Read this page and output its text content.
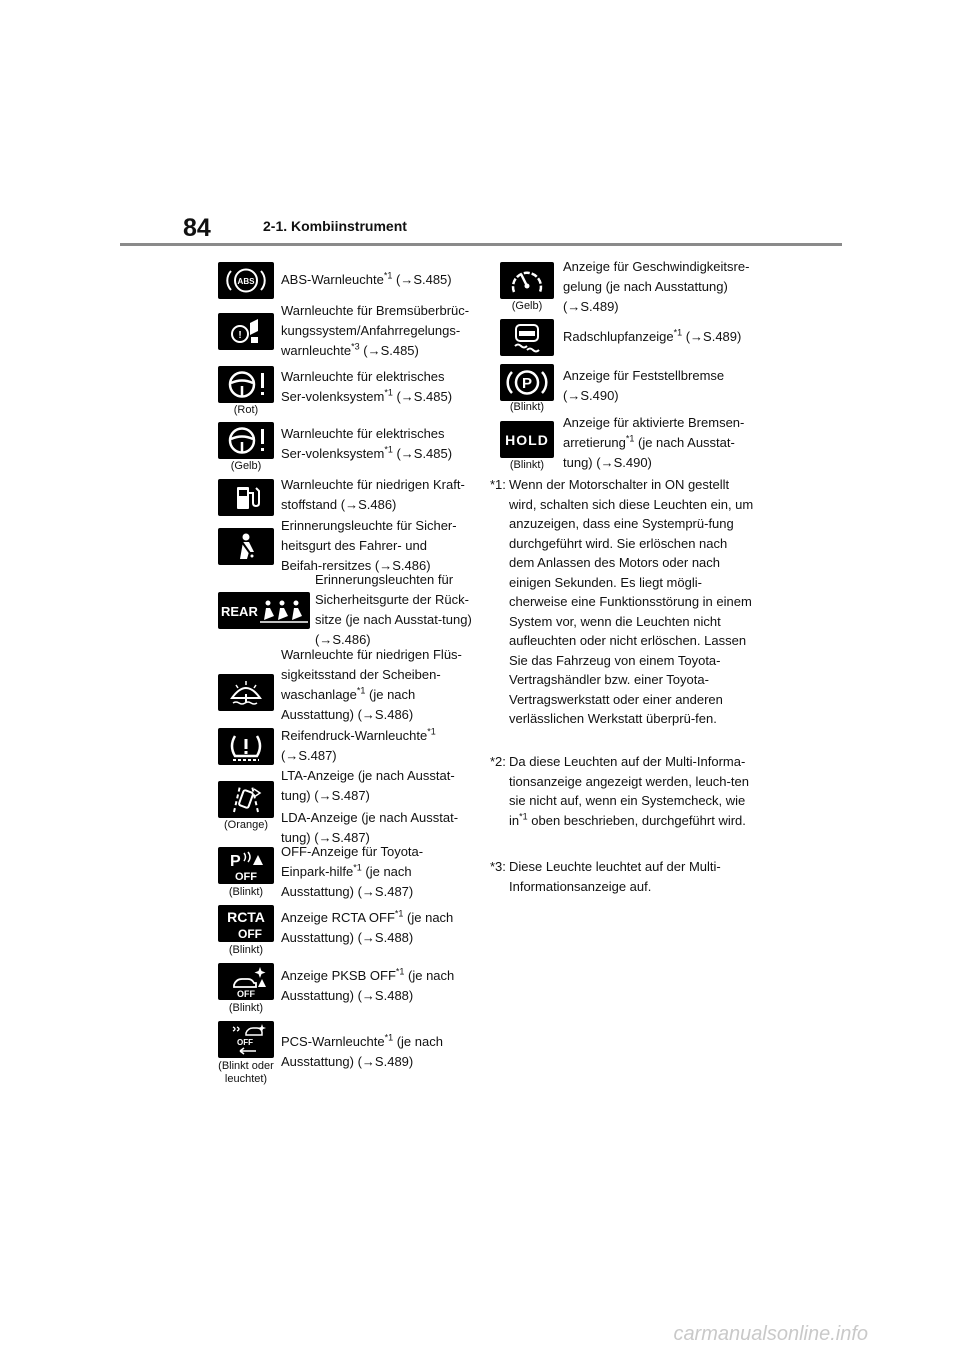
84	2-1. Kombiinstrument
ABS ABS-Warnleuchte$^{*1}$ (→S.485)
!
Warnleuchte für Bremsüberbrüc-kungssystem/Anfahrregelungs-warnleuchte$^{*3}$ (→S.485)
(Rot)
Warnleuchte für elektrisches Ser-volenksystem$^{*1}$ (→S.485)
(Gelb)
Warnleuchte für elektrisches Ser-volenksystem$^{*1}$ (→S.485)
Warnleuchte für niedrigen Kraft-stoffstand (→S.486)
Erinnerungsleuchte für Sicher-heitsgurt des Fahrer- und Beifah-rersitzes (→S.486)
REAR
Erinnerungsleuchten für Sicherheitsgurte der Rück-sitze (je nach Ausstat-tung) (→S.486)
Warnleuchte für niedrigen Flüs-sigkeitsstand der Scheiben-waschanlage$^{*1}$ (je nach Ausstattung) (→S.486)
Reifendruck-Warnleuchte$^{*1}$ (→S.487)
(Orange)
LTA-Anzeige (je nach Ausstat-tung) (→S.487)
LDA-Anzeige (je nach Ausstat-tung) (→S.487)
P
OFF
(Blinkt)
OFF-Anzeige für Toyota-Einpark-hilfe$^{*1}$ (je nach Ausstattung) (→S.487)
RCTA
OFF
(Blinkt)
Anzeige RCTA OFF$^{*1}$ (je nach Ausstattung) (→S.488)
OFF
(Blinkt)
Anzeige PKSB OFF$^{*1}$ (je nach Ausstattung) (→S.488)
OFF
(Blinkt oder leuchtet)
PCS-Warnleuchte$^{*1}$ (je nach Ausstattung) (→S.489)
(Gelb)
Anzeige für Geschwindigkeitsre-gelung (je nach Ausstattung) (→S.489)
Radschlupfanzeige$^{*1}$ (→S.489)
P
(Blinkt)
Anzeige für Feststellbremse (→S.490)
HOLD
(Blinkt)
Anzeige für aktivierte Bremsen-arretierung$^{*1}$ (je nach Ausstat-tung) (→S.490)
*1: Wenn der Motorschalter in ON gestellt wird, schalten sich diese Leuchten ein, um anzuzeigen, dass eine Systemprü-fung durchgeführt wird. Sie erlöschen nach dem Anlassen des Motors oder nach einigen Sekunden. Es liegt mögli-cherweise eine Funktionsstörung in einem System vor, wenn die Leuchten nicht aufleuchten oder nicht erlöschen. Lassen Sie das Fahrzeug von einem Toyota-Vertragshändler bzw. einer Toyota-Vertragswerkstatt oder einer anderen verlässlichen Werkstatt überprü-fen.
*2: Da diese Leuchten auf der Multi-Informa-tionsanzeige angezeigt werden, leuch-ten sie nicht auf, wenn ein Systemcheck, wie $in^{*1}$ oben beschrieben, durchgeführt wird.
*3: Diese Leuchte leuchtet auf der Multi-Informationsanzeige auf.
carmanualsonline.info
